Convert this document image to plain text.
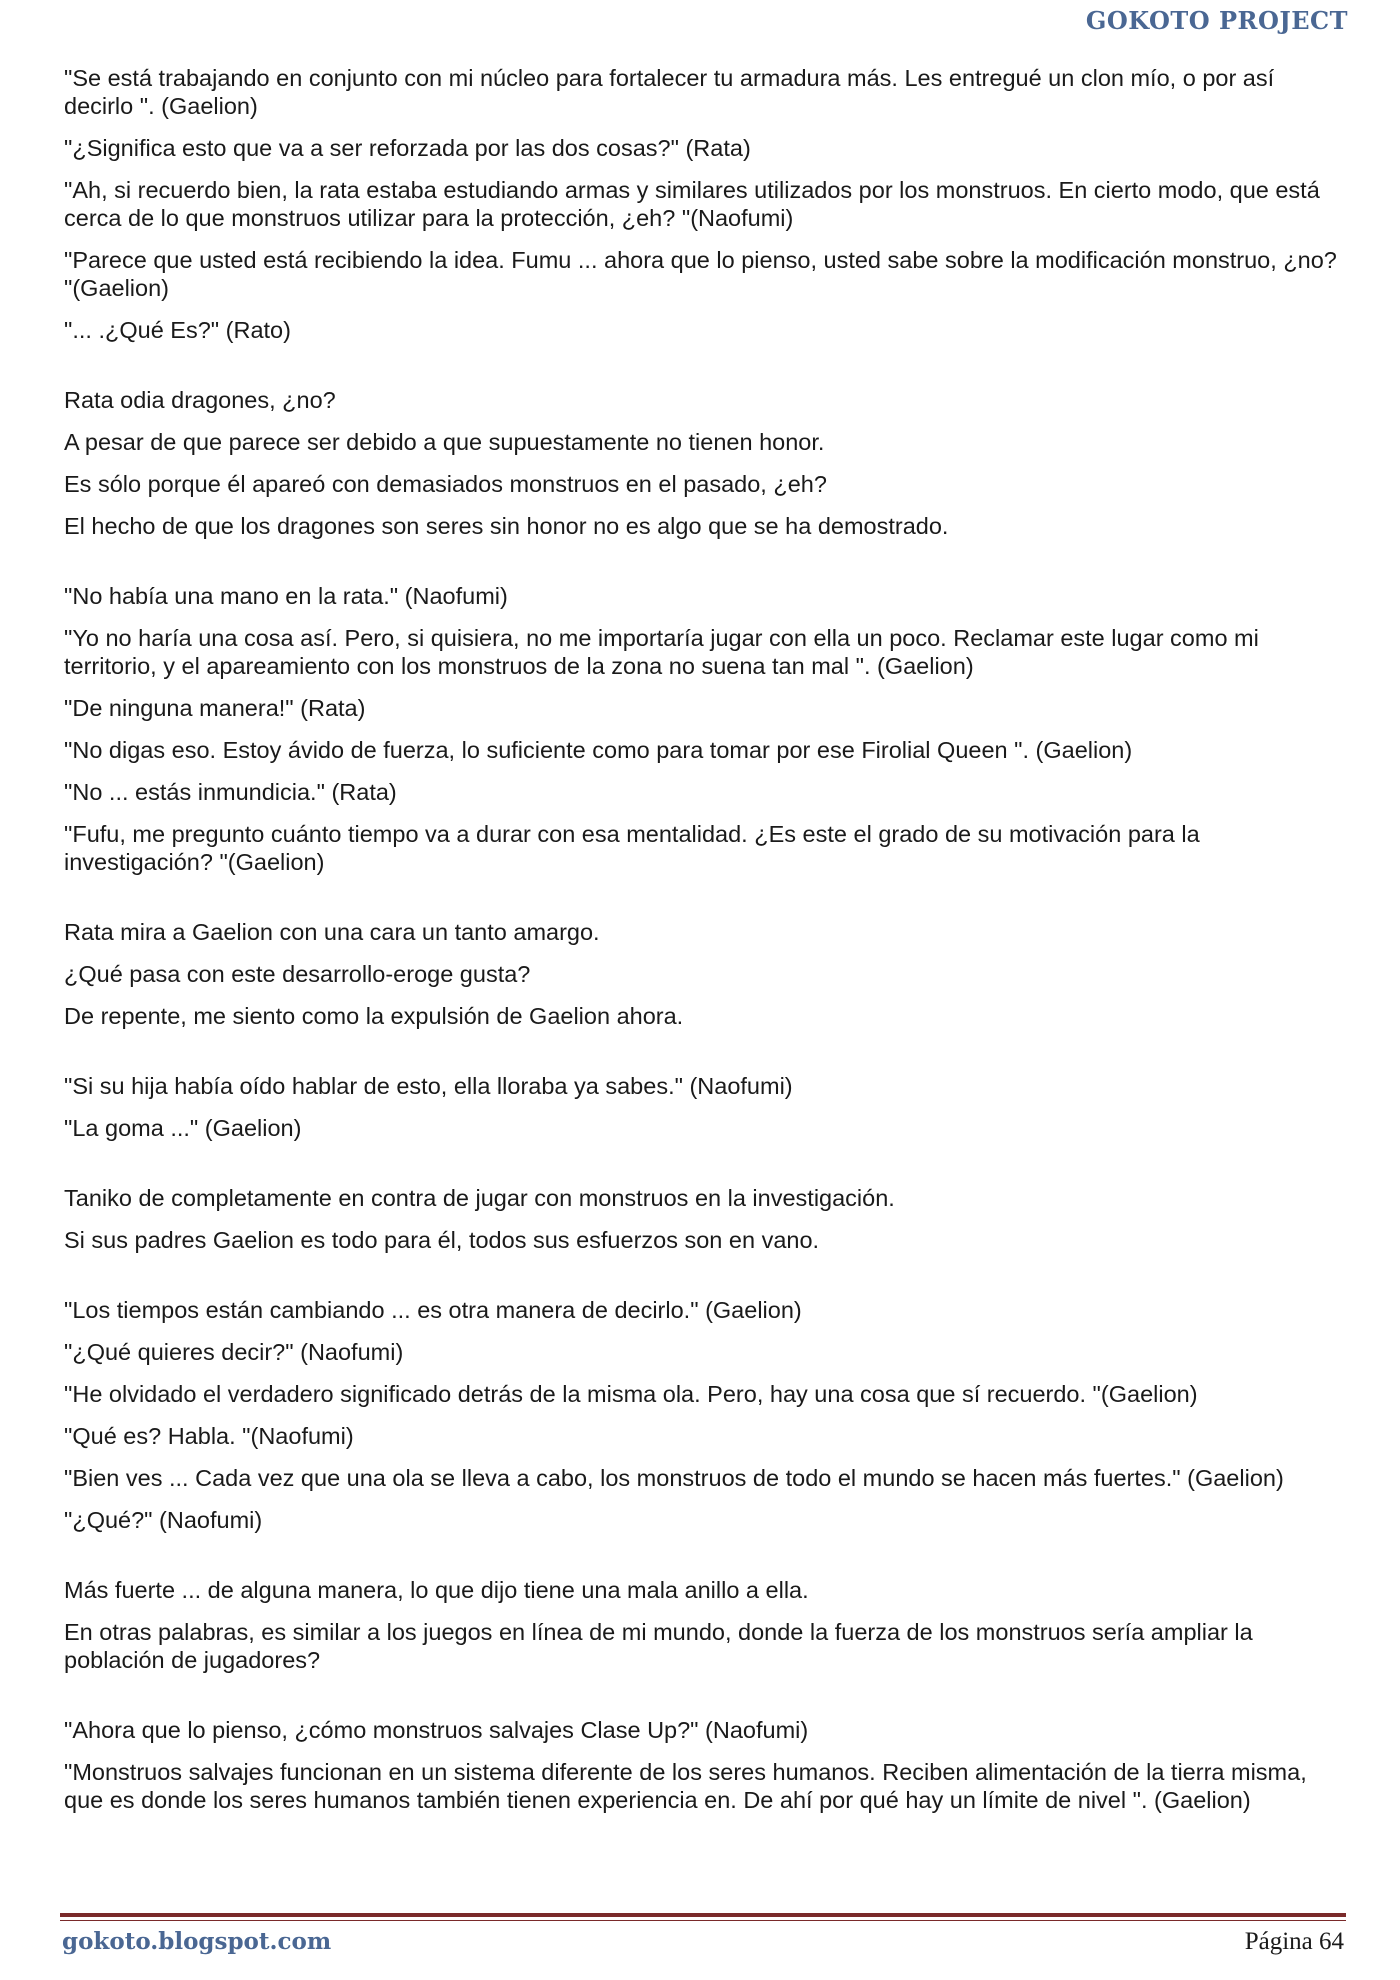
GOKOTO PROJECT

"Se está trabajando en conjunto con mi núcleo para fortalecer tu armadura más. Les entregué un clon mío, o por así decirlo ". (Gaelion)

"¿Significa esto que va a ser reforzada por las dos cosas?" (Rata)

"Ah, si recuerdo bien, la rata estaba estudiando armas y similares utilizados por los monstruos. En cierto modo, que está cerca de lo que monstruos utilizar para la protección, ¿eh? "(Naofumi)

"Parece que usted está recibiendo la idea. Fumu ... ahora que lo pienso, usted sabe sobre la modificación monstruo, ¿no? "(Gaelion)

"... .¿Qué Es?" (Rato)

Rata odia dragones, ¿no?

A pesar de que parece ser debido a que supuestamente no tienen honor.

Es sólo porque él apareó con demasiados monstruos en el pasado, ¿eh?

El hecho de que los dragones son seres sin honor no es algo que se ha demostrado.

"No había una mano en la rata." (Naofumi)

"Yo no haría una cosa así. Pero, si quisiera, no me importaría jugar con ella un poco. Reclamar este lugar como mi territorio, y el apareamiento con los monstruos de la zona no suena tan mal ". (Gaelion)

"De ninguna manera!" (Rata)

"No digas eso. Estoy ávido de fuerza, lo suficiente como para tomar por ese Firolial Queen ". (Gaelion)

"No ... estás inmundicia." (Rata)

"Fufu, me pregunto cuánto tiempo va a durar con esa mentalidad. ¿Es este el grado de su motivación para la investigación? "(Gaelion)

Rata mira a Gaelion con una cara un tanto amargo.

¿Qué pasa con este desarrollo-eroge gusta?

De repente, me siento como la expulsión de Gaelion ahora.

"Si su hija había oído hablar de esto, ella lloraba ya sabes." (Naofumi)

"La goma ..." (Gaelion)

Taniko de completamente en contra de jugar con monstruos en la investigación.

Si sus padres Gaelion es todo para él, todos sus esfuerzos son en vano.

"Los tiempos están cambiando ... es otra manera de decirlo." (Gaelion)

"¿Qué quieres decir?" (Naofumi)

"He olvidado el verdadero significado detrás de la misma ola. Pero, hay una cosa que sí recuerdo. "(Gaelion)

"Qué es? Habla. "(Naofumi)

"Bien ves ... Cada vez que una ola se lleva a cabo, los monstruos de todo el mundo se hacen más fuertes." (Gaelion)

"¿Qué?" (Naofumi)

Más fuerte ... de alguna manera, lo que dijo tiene una mala anillo a ella.

En otras palabras, es similar a los juegos en línea de mi mundo, donde la fuerza de los monstruos sería ampliar la población de jugadores?

"Ahora que lo pienso, ¿cómo monstruos salvajes Clase Up?" (Naofumi)

"Monstruos salvajes funcionan en un sistema diferente de los seres humanos. Reciben alimentación de la tierra misma, que es donde los seres humanos también tienen experiencia en. De ahí por qué hay un límite de nivel ". (Gaelion)

gokoto.blogspot.com	Página 64
